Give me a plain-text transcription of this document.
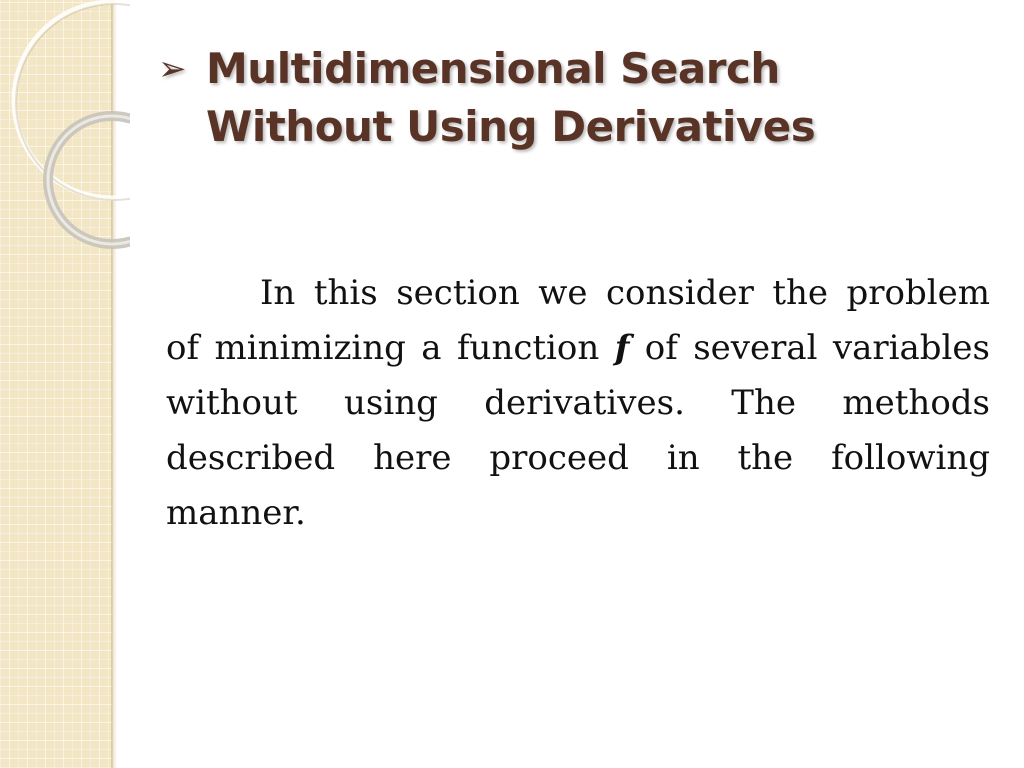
➢ Multidimensional Search
Without Using Derivatives
In this section we consider the problem of minimizing a function f of several variables without using derivatives. The methods described here proceed in the following manner.
